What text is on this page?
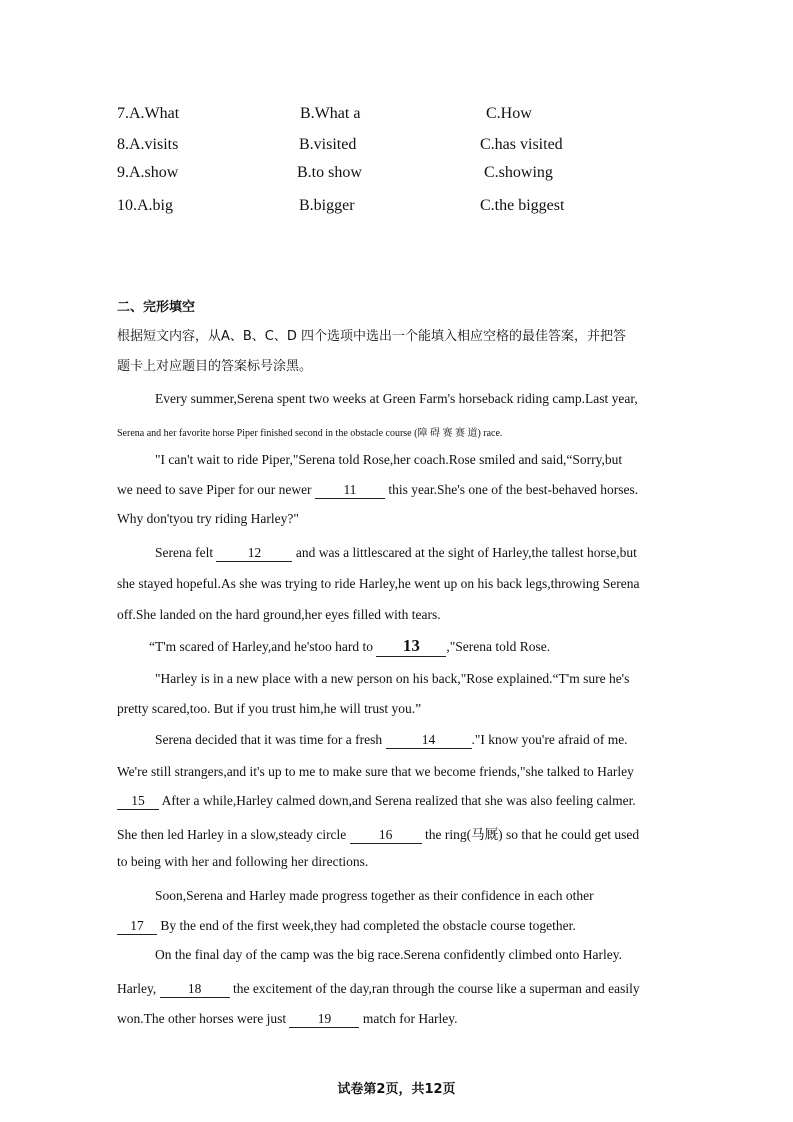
7.A.What	B.What a	C.How
8.A.visits	B.visited	C.has visited
9.A.show	B.to show	C.showing
10.A.big	B.bigger	C.the biggest
二、完形填空
根据短文内容，从A、B、C、D 四个选项中选出一个能填入相应空格的最佳答案，并把答
题卡上对应题目的答案标号涂黑。
Every summer,Serena spent two weeks at Green Farm's horseback riding camp.Last year,
Serena and her favorite horse Piper finished second in the obstacle course (障 碍 赛 赛 道) race.
"I can't wait to ride Piper,"Serena told Rose,her coach.Rose smiled and said,“Sorry,but
we need to save Piper for our newer 11 this year.She's one of the best-behaved horses.
Why don'tyou try riding Harley?"
Serena felt 12 and was a littlescared at the sight of Harley,the tallest horse,but
she stayed hopeful.As she was trying to ride Harley,he went up on his back legs,throwing Serena
off.She landed on the hard ground,her eyes filled with tears.
“T'm scared of Harley,and he'stoo hard to 13 ,"Serena told Rose.
"Harley is in a new place with a new person on his back,"Rose explained.“T'm sure he's
pretty scared,too. But if you trust him,he will trust you.”
Serena decided that it was time for a fresh	14	."I know you're afraid of me.
We're still strangers,and it's up to me to make sure that we become friends,"she talked to Harley
15 After a while,Harley calmed down,and Serena realized that she was also feeling calmer.
She then led Harley in a slow,steady circle 16 the ring(马厩) so that he could get used
to being with her and following her directions.
Soon,Serena and Harley made progress together as their confidence in each other
17 By the end of the first week,they had completed the obstacle course together.
On the final day of the camp was the big race.Serena confidently climbed onto Harley.
Harley, 18 the excitement of the day,ran through the course like a superman and easily
won.The other horses were just 19 match for Harley.
试卷第2页，共12页
